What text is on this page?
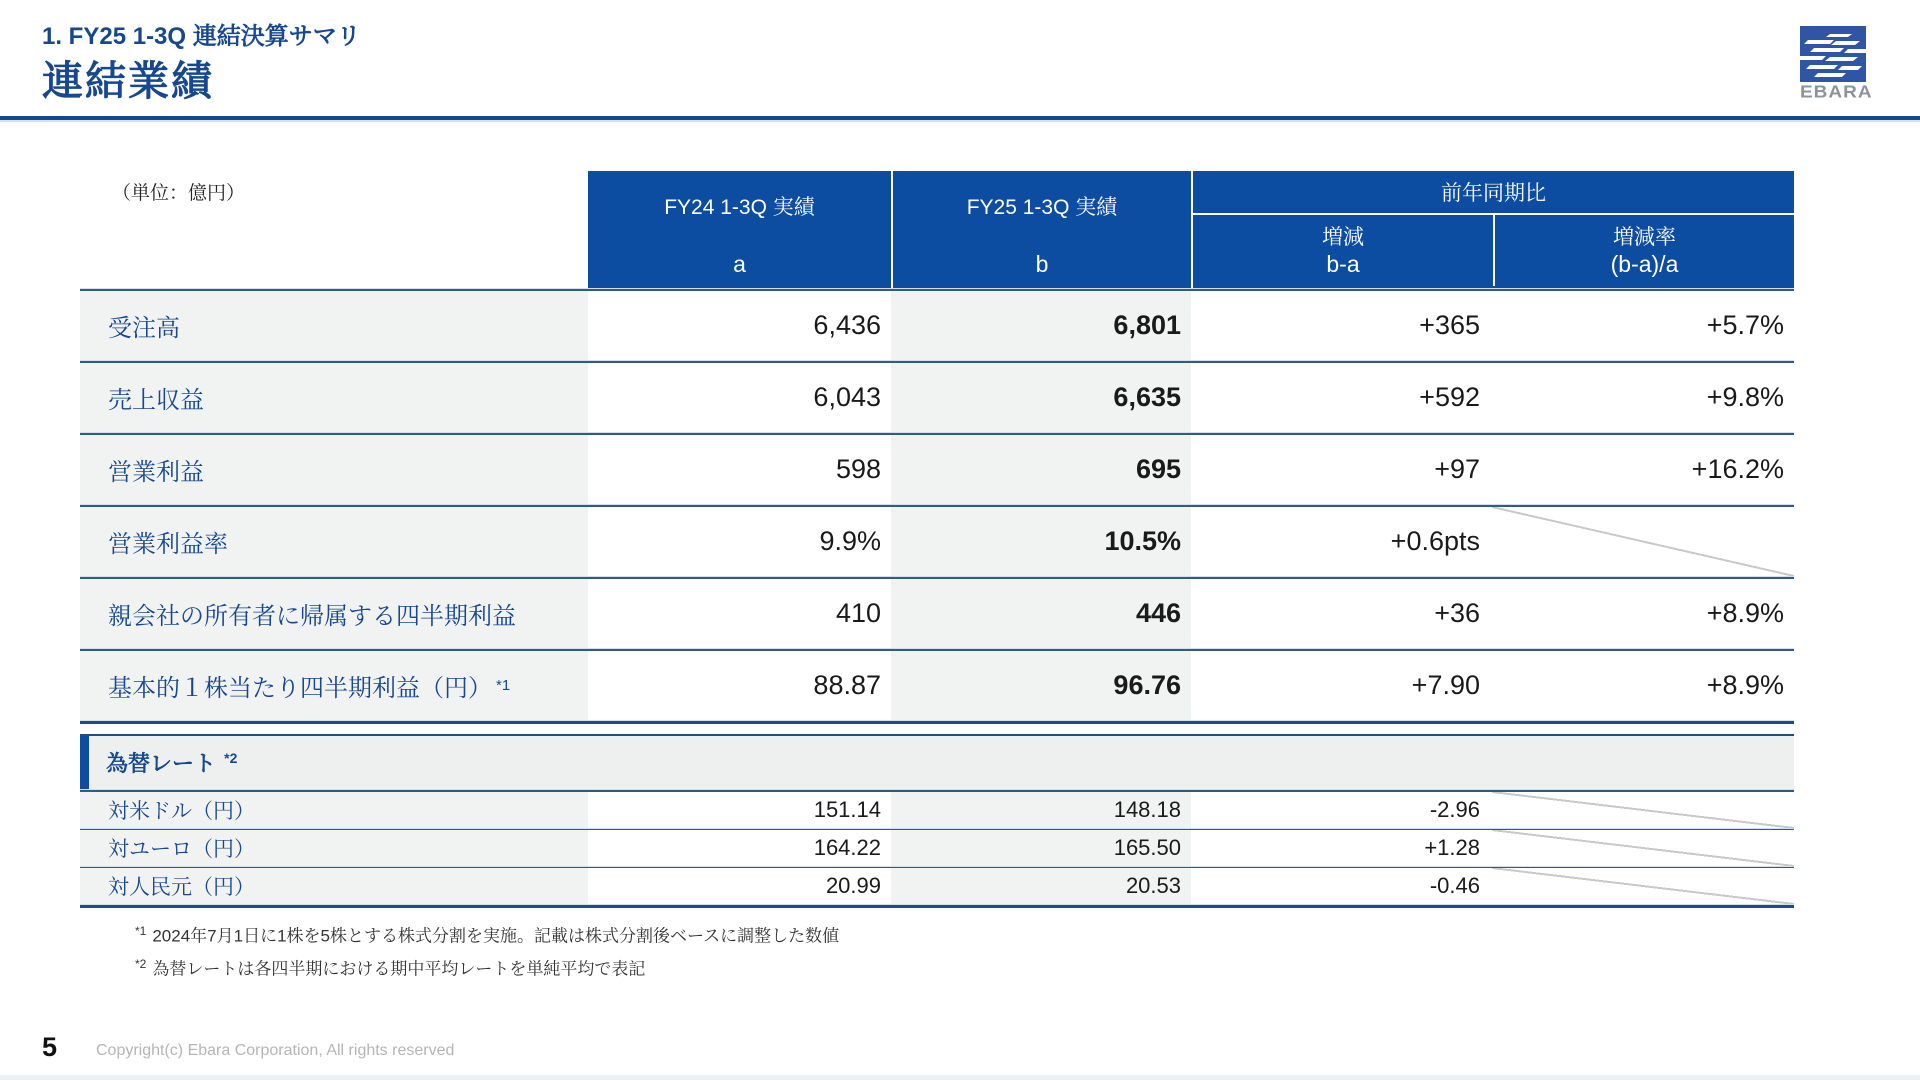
1. FY25 1-3Q 連結決算サマリ
連結業績	EBARA
（単位：億円）
FY24 1-3Q 実績
a
FY25 1-3Q 実績
b
前年同期比
増減
b-a
増減率
(b-a)/a
受注高	6,436	6,801	+365	+5.7%
売上収益	6,043	6,635	+592	+9.8%
営業利益	598	695	+97	+16.2%
営業利益率	9.9%	10.5%	+0.6pts
親会社の所有者に帰属する四半期利益	410	446	+36	+8.9%
基本的１株当たり四半期利益（円） *1	88.87	96.76	+7.90	+8.9%
為替レート $^{*2}$
対米ドル（円）	151.14	148.18	-2.96
対ユーロ（円）	164.22	165.50	+1.28
対人民元（円）	20.99	20.53	-0.46
$^{*1}$ 2024年7月1日に1株を5株とする株式分割を実施。記載は株式分割後ベースに調整した数値
$^{*2}$ 為替レートは各四半期における期中平均レートを単純平均で表記
5 Copyright(c) Ebara Corporation, All rights reserved
